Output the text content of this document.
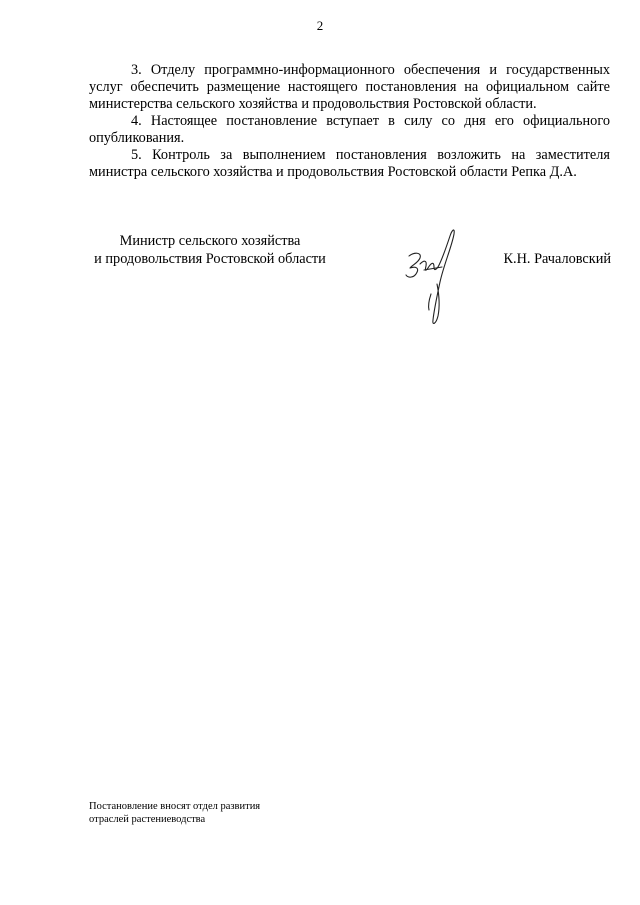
2

3. Отделу программно-информационного обеспечения и государственных услуг обеспечить размещение настоящего постановления на официальном сайте министерства сельского хозяйства и продовольствия Ростовской области.

4. Настоящее постановление вступает в силу со дня его официального опубликования.

5. Контроль за выполнением постановления возложить на заместителя министра сельского хозяйства и продовольствия Ростовской области Репка Д.А.

Министр сельского хозяйства
и продовольствия Ростовской области	К.Н. Рачаловский
Постановление вносят отдел развития
отраслей растениеводства
